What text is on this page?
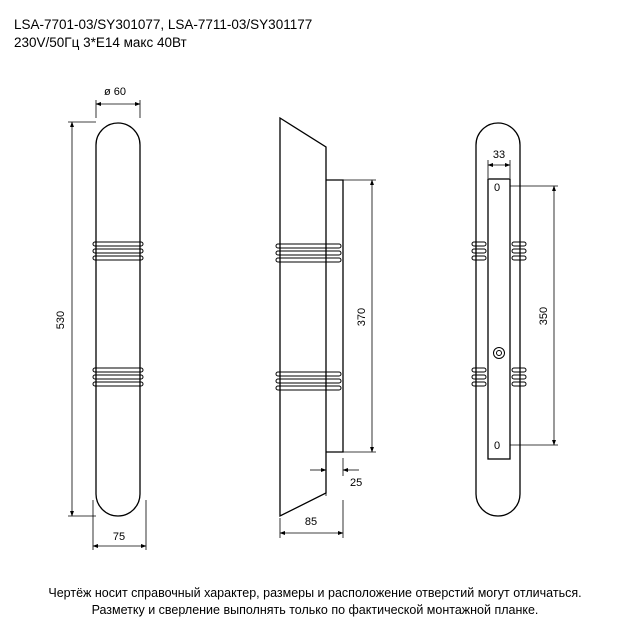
LSA-7701-03/SY301077, LSA-7711-03/SY301177
230V/50Гц 3*E14 макс 40Вт
ø 60
530
75
370
25
85
33
350
0
0
Чертёж носит справочный характер, размеры и расположение отверстий могут отличаться.
Разметку и сверление выполнять только по фактической монтажной планке.
